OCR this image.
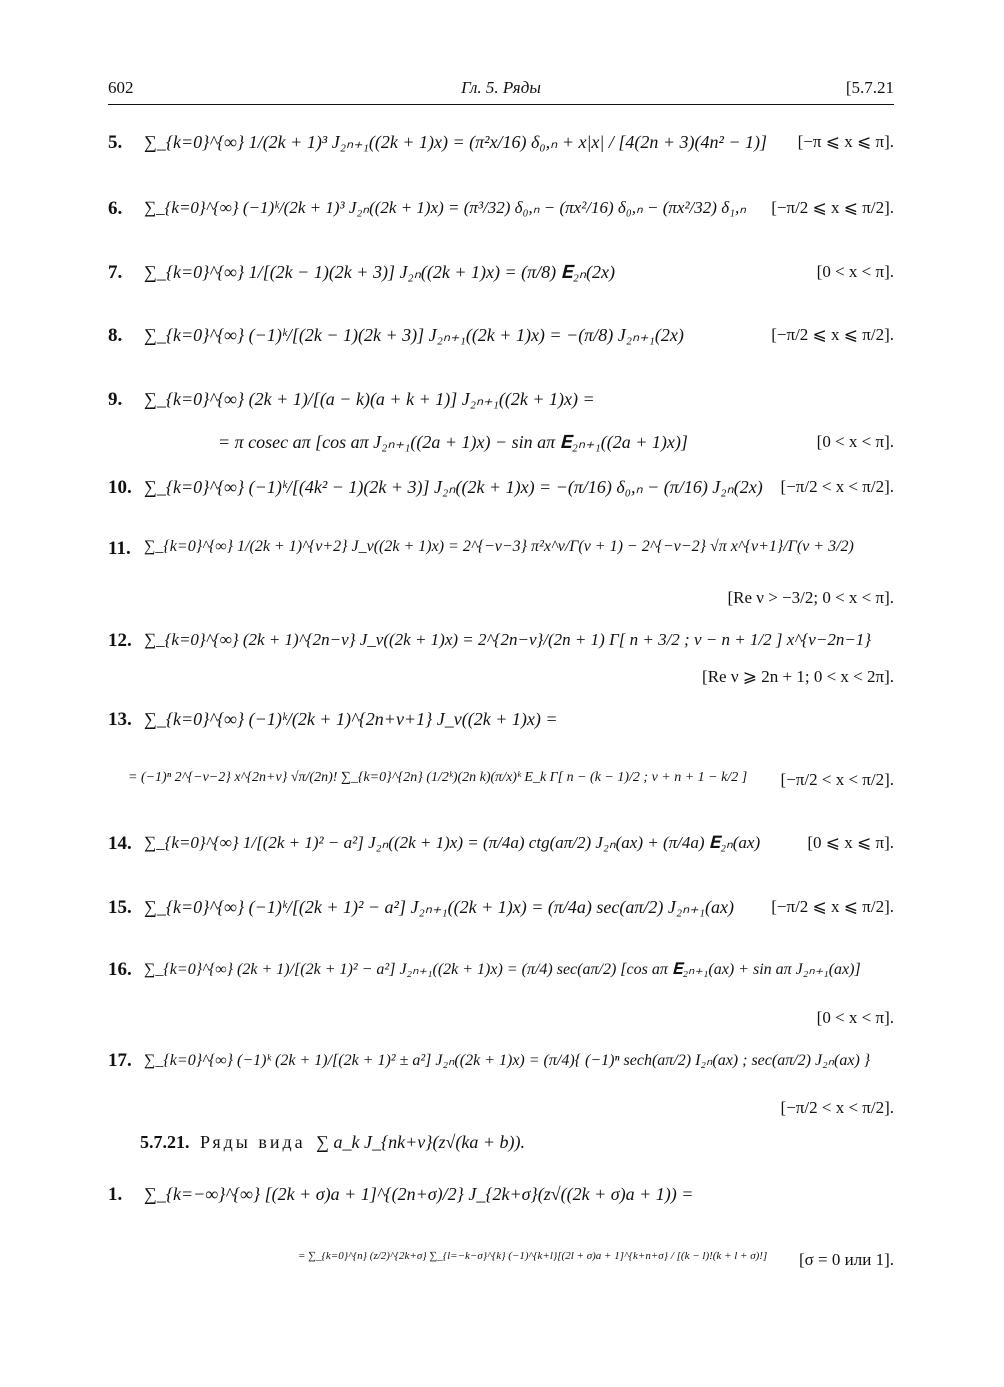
602	Гл. 5. Ряды	[5.7.21
5. ∑_{k=0}^{∞} 1/(2k + 1)³ J₂ₙ₊₁((2k + 1)x) = (π²x/16) δ₀,ₙ + x|x| / [4(2n + 3)(4n² − 1)] [−π ⩽ x ⩽ π].
6. ∑_{k=0}^{∞} (−1)ᵏ/(2k + 1)³ J₂ₙ((2k + 1)x) = (π³/32) δ₀,ₙ − (πx²/16) δ₀,ₙ − (πx²/32) δ₁,ₙ [−π/2 ⩽ x ⩽ π/2].
7. ∑_{k=0}^{∞} 1/[(2k − 1)(2k + 3)] J₂ₙ((2k + 1)x) = (π/8) 𝐄₂ₙ(2x)	[0 < x < π].
8. ∑_{k=0}^{∞} (−1)ᵏ/[(2k − 1)(2k + 3)] J₂ₙ₊₁((2k + 1)x) = −(π/8) J₂ₙ₊₁(2x)	[−π/2 ⩽ x ⩽ π/2].
9. ∑_{k=0}^{∞} (2k + 1)/[(a − k)(a + k + 1)] J₂ₙ₊₁((2k + 1)x) =
= π cosec aπ [cos aπ J₂ₙ₊₁((2a + 1)x) − sin aπ 𝐄₂ₙ₊₁((2a + 1)x)]	[0 < x < π].
10. ∑_{k=0}^{∞} (−1)ᵏ/[(4k² − 1)(2k + 3)] J₂ₙ((2k + 1)x) = −(π/16) δ₀,ₙ − (π/16) J₂ₙ(2x) [−π/2 < x < π/2].
11. ∑_{k=0}^{∞} 1/(2k + 1)^{ν+2} J_ν((2k + 1)x) = 2^{−ν−3} π²x^ν/Γ(ν + 1) − 2^{−ν−2} √π x^{ν+1}/Γ(ν + 3/2)
[Re ν > −3/2; 0 < x < π].
12. ∑_{k=0}^{∞} (2k + 1)^{2n−ν} J_ν((2k + 1)x) = 2^{2n−ν}/(2n + 1) Γ[ n + 3/2 ; ν − n + 1/2 ] x^{ν−2n−1}
[Re ν ⩾ 2n + 1; 0 < x < 2π].
13. ∑_{k=0}^{∞} (−1)ᵏ/(2k + 1)^{2n+ν+1} J_ν((2k + 1)x) =
= (−1)ⁿ 2^{−ν−2} x^{2n+ν} √π/(2n)! ∑_{k=0}^{2n} (1/2ᵏ)(2n k)(π/x)ᵏ E_k Γ[ n − (k − 1)/2 ; ν + n + 1 − k/2 ] [−π/2 < x < π/2].
14. ∑_{k=0}^{∞} 1/[(2k + 1)² − a²] J₂ₙ((2k + 1)x) = (π/4a) ctg(aπ/2) J₂ₙ(ax) + (π/4a) 𝐄₂ₙ(ax)	[0 ⩽ x ⩽ π].
15. ∑_{k=0}^{∞} (−1)ᵏ/[(2k + 1)² − a²] J₂ₙ₊₁((2k + 1)x) = (π/4a) sec(aπ/2) J₂ₙ₊₁(ax) [−π/2 ⩽ x ⩽ π/2].
16. ∑_{k=0}^{∞} (2k + 1)/[(2k + 1)² − a²] J₂ₙ₊₁((2k + 1)x) = (π/4) sec(aπ/2) [cos aπ 𝐄₂ₙ₊₁(ax) + sin aπ J₂ₙ₊₁(ax)]
[0 < x < π].
17. ∑_{k=0}^{∞} (−1)ᵏ (2k + 1)/[(2k + 1)² ± a²] J₂ₙ((2k + 1)x) = (π/4){ (−1)ⁿ sech(aπ/2) I₂ₙ(ax) ; sec(aπ/2) J₂ₙ(ax) }
[−π/2 < x < π/2].
5.7.21. Ряды вида ∑ a_k J_{nk+ν}(z√(ka + b)).
1. ∑_{k=−∞}^{∞} [(2k + σ)a + 1]^{(2n+σ)/2} J_{2k+σ}(z√((2k + σ)a + 1)) =
= ∑_{k=0}^{n} (z/2)^{2k+σ} ∑_{l=−k−σ}^{k} (−1)^{k+l}[(2l + σ)a + 1]^{k+n+σ} / [(k − l)!(k + l + σ)!]	[σ = 0 или 1].
